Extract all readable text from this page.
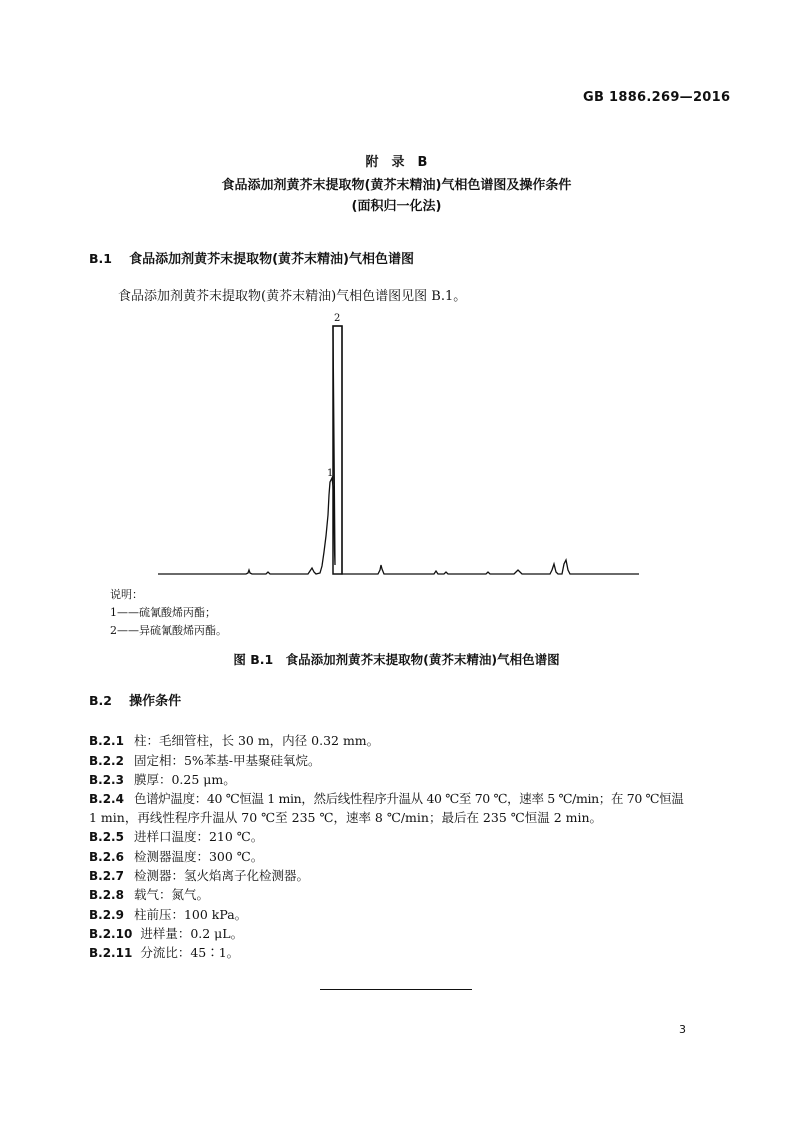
GB 1886.269—2016
附　录　B
食品添加剂黄芥末提取物(黄芥末精油)气相色谱图及操作条件
(面积归一化法)
B.1 食品添加剂黄芥末提取物(黄芥末精油)气相色谱图
食品添加剂黄芥末提取物(黄芥末精油)气相色谱图见图 B.1。
1
2
说明：
1——硫氰酸烯丙酯；
2——异硫氰酸烯丙酯。
图 B.1　食品添加剂黄芥末提取物(黄芥末精油)气相色谱图
B.2 操作条件
B.2.1 柱：毛细管柱，长 30 m，内径 0.32 mm。
B.2.2 固定相：5%苯基-甲基聚硅氧烷。
B.2.3 膜厚：0.25 μm。
B.2.4 色谱炉温度：40 ℃恒温 1 min，然后线性程序升温从 40 ℃至 70 ℃，速率 5 ℃/min；在 70 ℃恒温
1 min，再线性程序升温从 70 ℃至 235 ℃，速率 8 ℃/min；最后在 235 ℃恒温 2 min。
B.2.5 进样口温度：210 ℃。
B.2.6 检测器温度：300 ℃。
B.2.7 检测器：氢火焰离子化检测器。
B.2.8 载气：氮气。
B.2.9 柱前压：100 kPa。
B.2.10 进样量：0.2 μL。
B.2.11 分流比：45∶1。
3
